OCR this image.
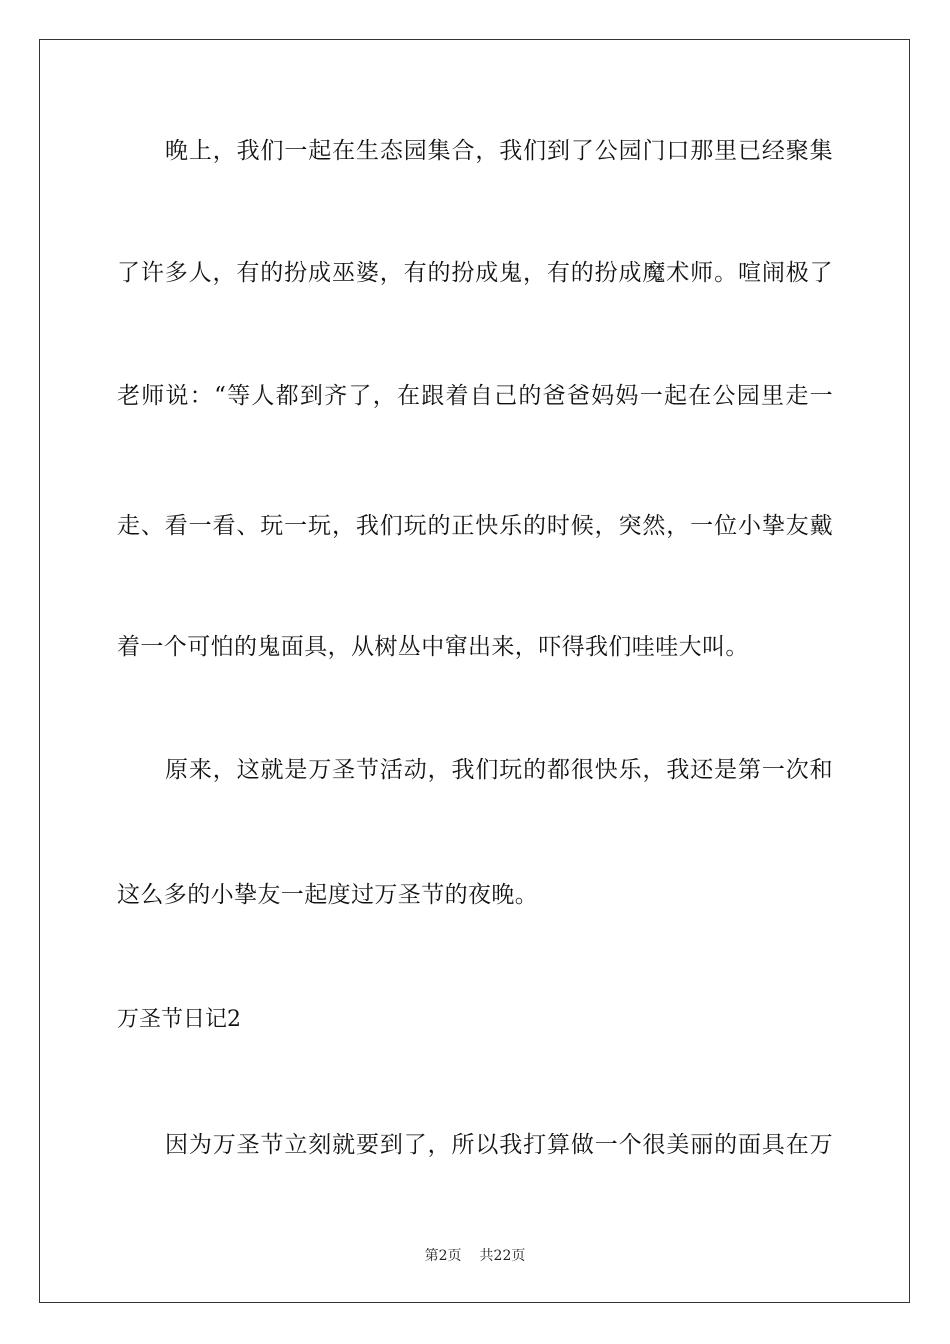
晚上，我们一起在生态园集合，我们到了公园门口那里已经聚集
了许多人，有的扮成巫婆，有的扮成鬼，有的扮成魔术师。喧闹极了
老师说：“等人都到齐了，在跟着自己的爸爸妈妈一起在公园里走一
走、看一看、玩一玩，我们玩的正快乐的时候，突然，一位小挚友戴
着一个可怕的鬼面具，从树丛中窜出来，吓得我们哇哇大叫。
原来，这就是万圣节活动，我们玩的都很快乐，我还是第一次和
这么多的小挚友一起度过万圣节的夜晚。
万圣节日记2
因为万圣节立刻就要到了，所以我打算做一个很美丽的面具在万
第2页 共22页
